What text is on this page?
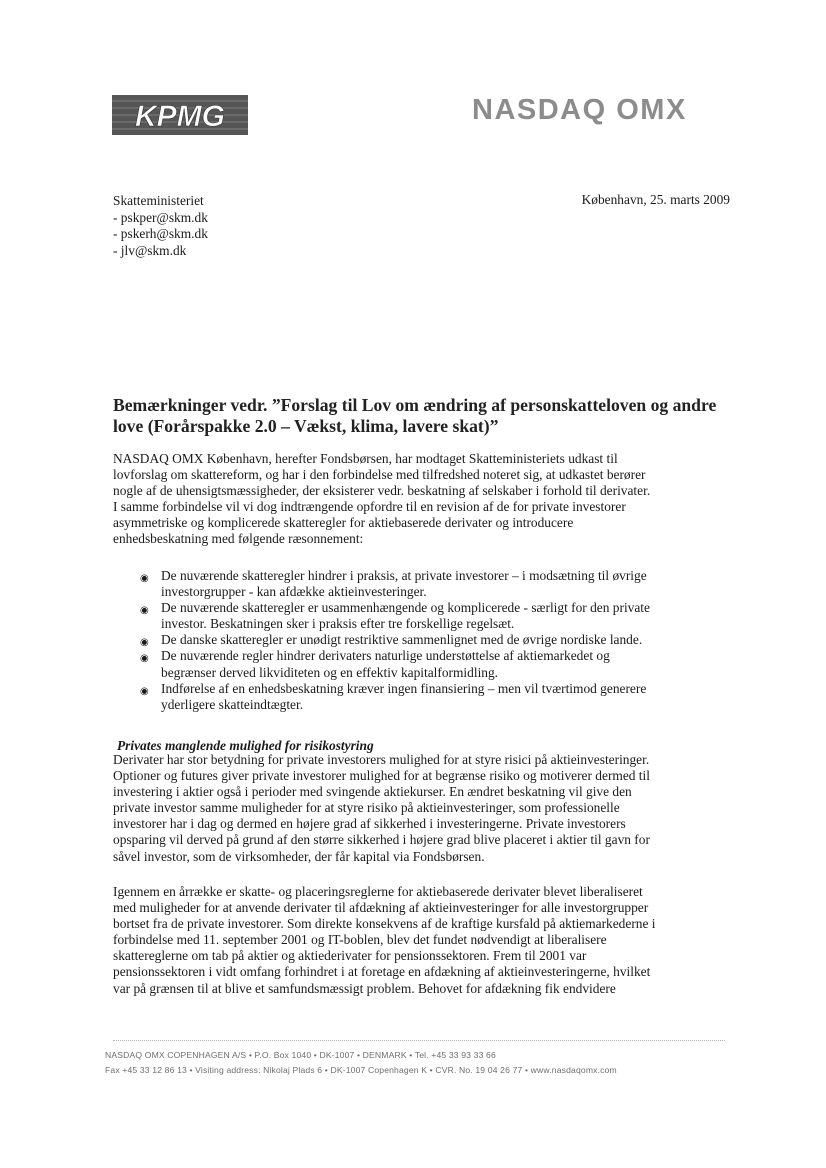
KPMG	NASDAQ OMX
Skatteministeriet
- pskper@skm.dk
- pskerh@skm.dk
- jlv@skm.dk
København, 25. marts 2009
Bemærkninger vedr. ”Forslag til Lov om ændring af personskatteloven og andre love (Forårspakke 2.0 – Vækst, klima, lavere skat)”
NASDAQ OMX København, herefter Fondsbørsen, har modtaget Skatteministeriets udkast til
lovforslag om skattereform, og har i den forbindelse med tilfredshed noteret sig, at udkastet berører
nogle af de uhensigtsmæssigheder, der eksisterer vedr. beskatning af selskaber i forhold til derivater.
I samme forbindelse vil vi dog indtrængende opfordre til en revision af de for private investorer
asymmetriske og komplicerede skatteregler for aktiebaserede derivater og introducere
enhedsbeskatning med følgende ræsonnement:
◉ De nuværende skatteregler hindrer i praksis, at private investorer – i modsætning til øvrige
investorgrupper - kan afdække aktieinvesteringer.
◉ De nuværende skatteregler er usammenhængende og komplicerede - særligt for den private
investor. Beskatningen sker i praksis efter tre forskellige regelsæt.
◉ De danske skatteregler er unødigt restriktive sammenlignet med de øvrige nordiske lande.
◉ De nuværende regler hindrer derivaters naturlige understøttelse af aktiemarkedet og
begrænser derved likviditeten og en effektiv kapitalformidling.
◉ Indførelse af en enhedsbeskatning kræver ingen finansiering – men vil tværtimod generere
yderligere skatteindtægter.
Privates manglende mulighed for risikostyring
Derivater har stor betydning for private investorers mulighed for at styre risici på aktieinvesteringer.
Optioner og futures giver private investorer mulighed for at begrænse risiko og motiverer dermed til
investering i aktier også i perioder med svingende aktiekurser. En ændret beskatning vil give den
private investor samme muligheder for at styre risiko på aktieinvesteringer, som professionelle
investorer har i dag og dermed en højere grad af sikkerhed i investeringerne. Private investorers
opsparing vil derved på grund af den større sikkerhed i højere grad blive placeret i aktier til gavn for
såvel investor, som de virksomheder, der får kapital via Fondsbørsen.
Igennem en årrække er skatte- og placeringsreglerne for aktiebaserede derivater blevet liberaliseret
med muligheder for at anvende derivater til afdækning af aktieinvesteringer for alle investorgrupper
bortset fra de private investorer. Som direkte konsekvens af de kraftige kursfald på aktiemarkederne i
forbindelse med 11. september 2001 og IT-boblen, blev det fundet nødvendigt at liberalisere
skattereglerne om tab på aktier og aktiederivater for pensionssektoren. Frem til 2001 var
pensionssektoren i vidt omfang forhindret i at foretage en afdækning af aktieinvesteringerne, hvilket
var på grænsen til at blive et samfundsmæssigt problem. Behovet for afdækning fik endvidere
NASDAQ OMX COPENHAGEN A/S • P.O. Box 1040 • DK-1007 • DENMARK • Tel. +45 33 93 33 66
Fax +45 33 12 86 13 • Visiting address: Nikolaj Plads 6 • DK-1007 Copenhagen K • CVR. No. 19 04 26 77 • www.nasdaqomx.com
